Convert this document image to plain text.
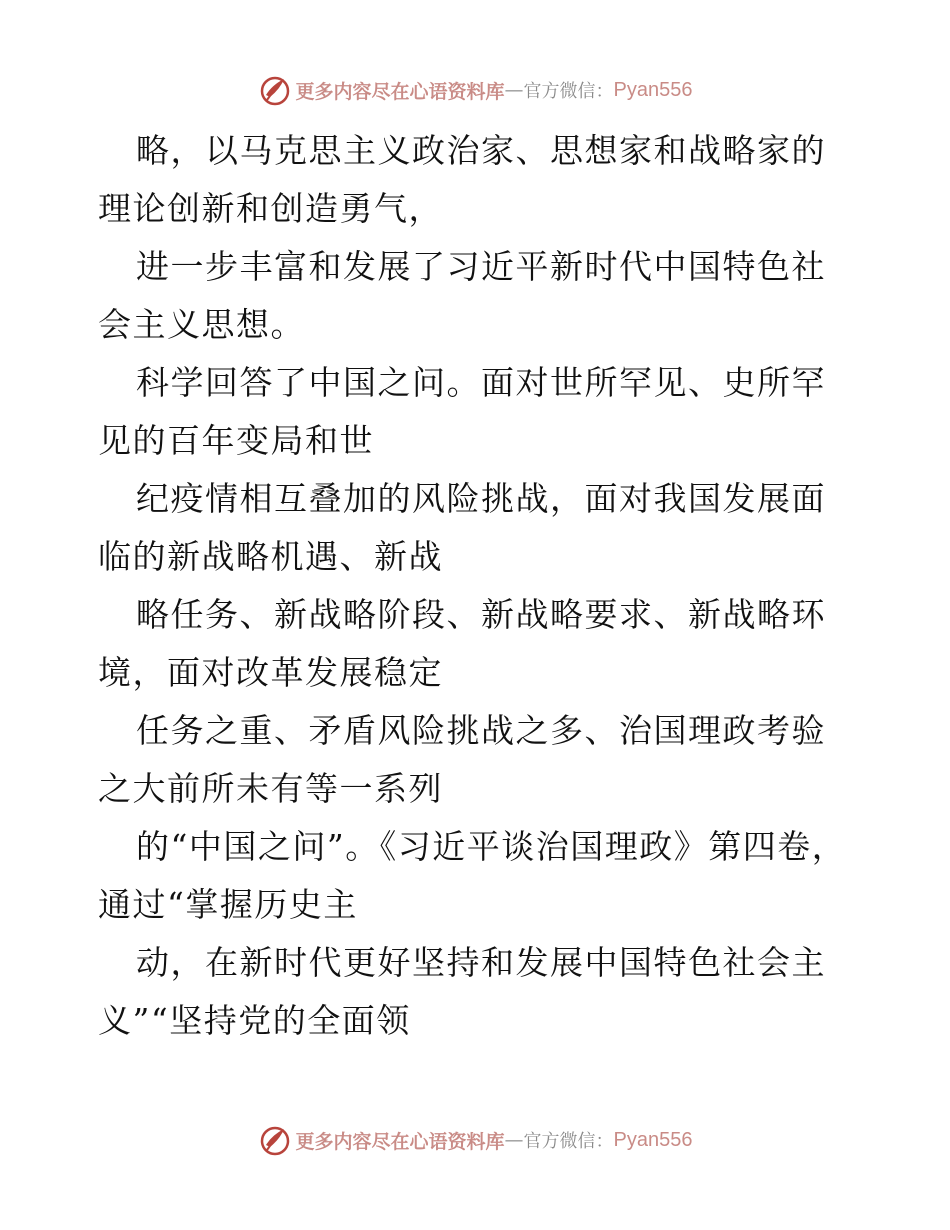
更多内容尽在心语资料库 — 官方微信： Pyan556

略，以马克思主义政治家、思想家和战略家的理论创新和创造勇气，

进一步丰富和发展了习近平新时代中国特色社会主义思想。

科学回答了中国之问。面对世所罕见、史所罕见的百年变局和世

纪疫情相互叠加的风险挑战，面对我国发展面临的新战略机遇、新战

略任务、新战略阶段、新战略要求、新战略环境，面对改革发展稳定

任务之重、矛盾风险挑战之多、治国理政考验之大前所未有等一系列

的“中国之问”。《习近平谈治国理政》第四卷，通过“掌握历史主

动，在新时代更好坚持和发展中国特色社会主义”“坚持党的全面领

更多内容尽在心语资料库 — 官方微信： Pyan556
